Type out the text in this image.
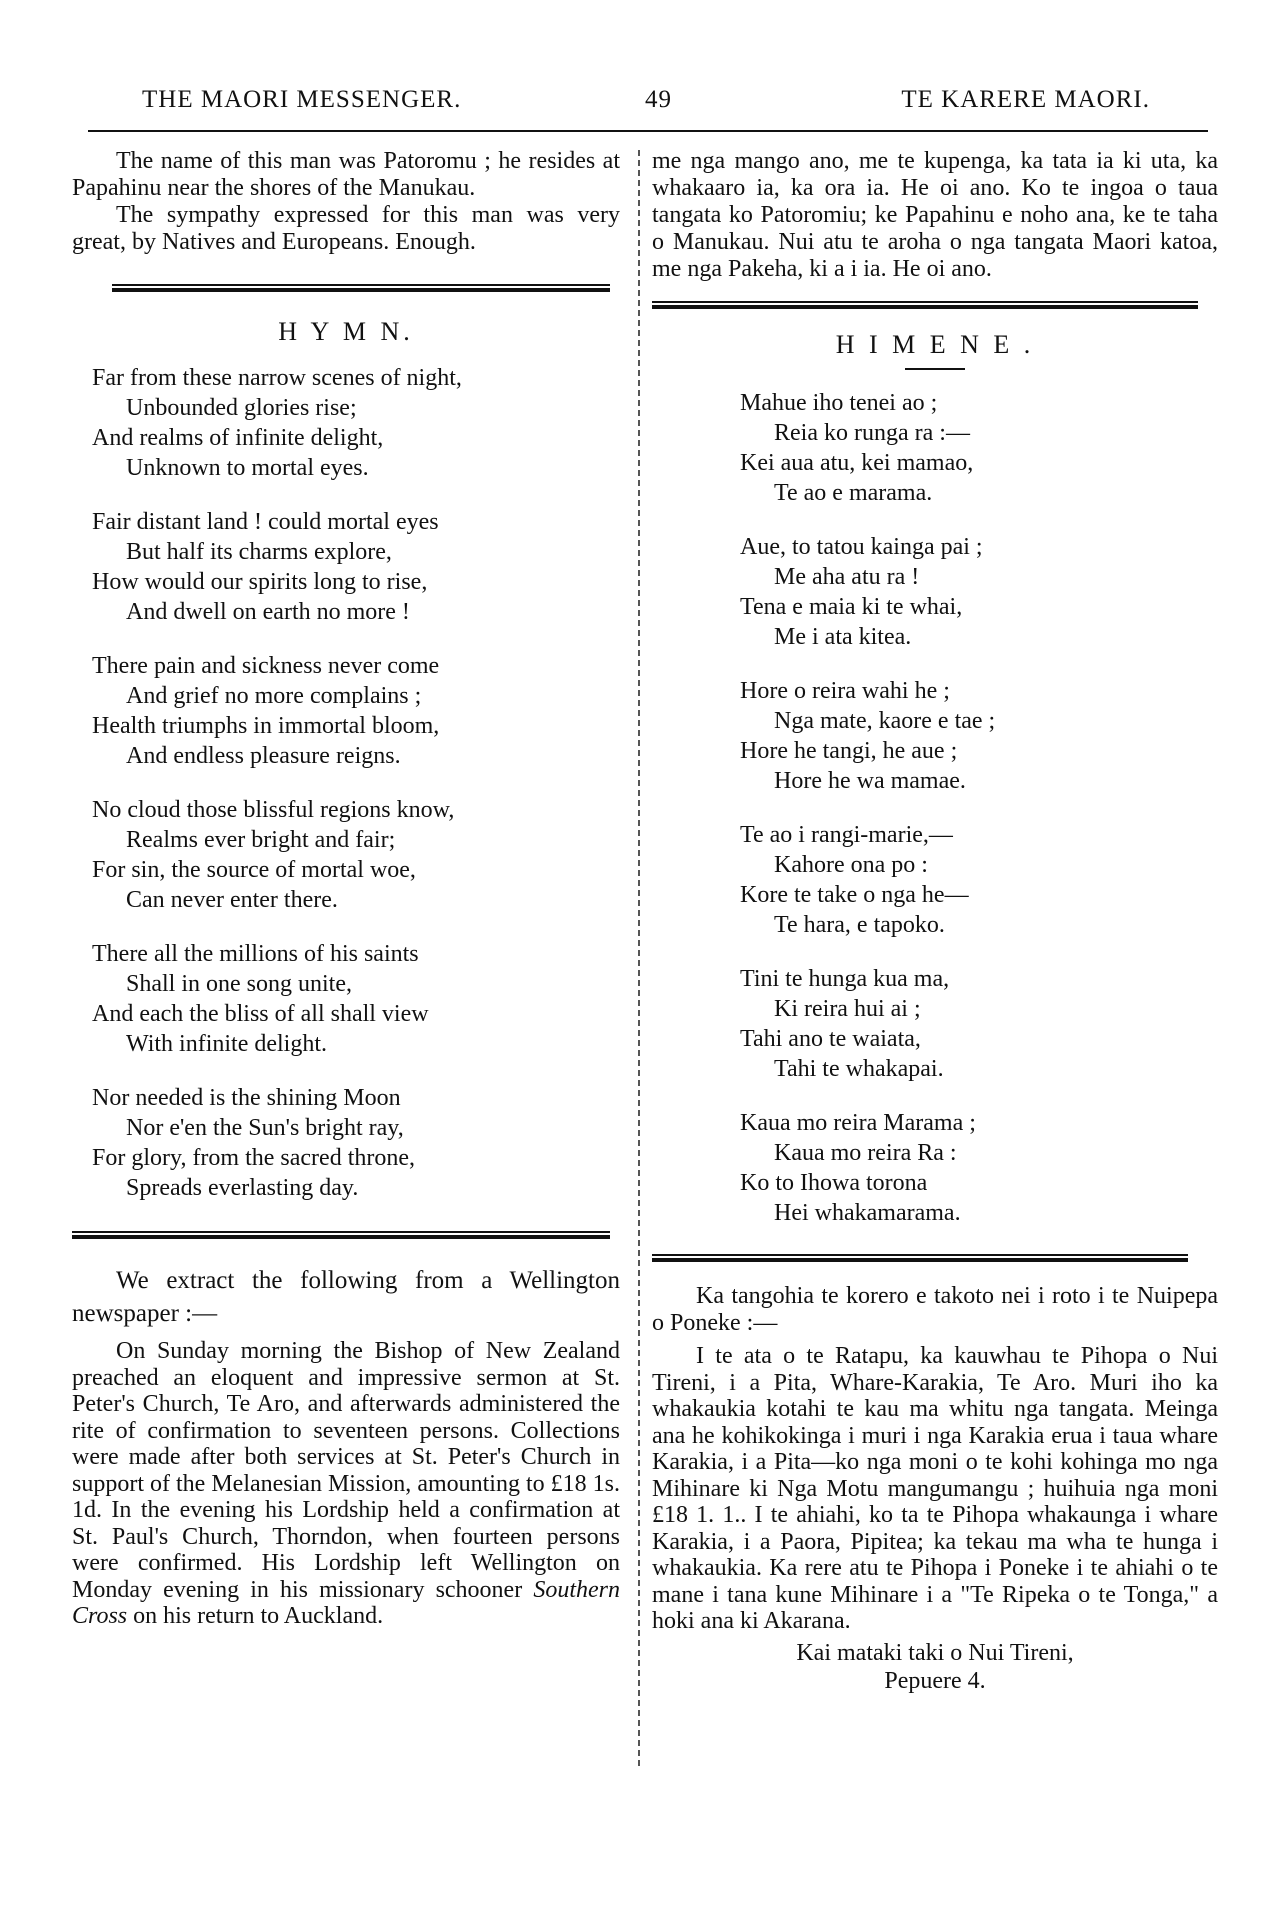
THE MAORI MESSENGER.	49	TE KARERE MAORI.

The name of this man was Patoromu ; he resides at Papahinu near the shores of the Manukau.

The sympathy expressed for this man was very great, by Natives and Europeans. Enough.

H Y M N.
Far from these narrow scenes of night,
Unbounded glories rise;
And realms of infinite delight,
Unknown to mortal eyes.
Fair distant land ! could mortal eyes
But half its charms explore,
How would our spirits long to rise,
And dwell on earth no more !
There pain and sickness never come
And grief no more complains ;
Health triumphs in immortal bloom,
And endless pleasure reigns.
No cloud those blissful regions know,
Realms ever bright and fair;
For sin, the source of mortal woe,
Can never enter there.
There all the millions of his saints
Shall in one song unite,
And each the bliss of all shall view
With infinite delight.
Nor needed is the shining Moon
Nor e'en the Sun's bright ray,
For glory, from the sacred throne,
Spreads everlasting day.

We extract the following from a Wellington newspaper :—

On Sunday morning the Bishop of New Zealand preached an eloquent and impressive sermon at St. Peter's Church, Te Aro, and afterwards administered the rite of confirmation to seventeen persons. Collections were made after both services at St. Peter's Church in support of the Melanesian Mission, amounting to £18 1s. 1d. In the evening his Lordship held a confirmation at St. Paul's Church, Thorndon, when fourteen persons were confirmed. His Lordship left Wellington on Monday evening in his missionary schooner Southern Cross on his return to Auckland.

me nga mango ano, me te kupenga, ka tata ia ki uta, ka whakaaro ia, ka ora ia. He oi ano. Ko te ingoa o taua tangata ko Patoromiu; ke Papahinu e noho ana, ke te taha o Manukau. Nui atu te aroha o nga tangata Maori katoa, me nga Pakeha, ki a i ia. He oi ano.

H I M E N E .
Mahue iho tenei ao ;
Reia ko runga ra :—
Kei aua atu, kei mamao,
Te ao e marama.
Aue, to tatou kainga pai ;
Me aha atu ra !
Tena e maia ki te whai,
Me i ata kitea.
Hore o reira wahi he ;
Nga mate, kaore e tae ;
Hore he tangi, he aue ;
Hore he wa mamae.
Te ao i rangi-marie,—
Kahore ona po :
Kore te take o nga he—
Te hara, e tapoko.
Tini te hunga kua ma,
Ki reira hui ai ;
Tahi ano te waiata,
Tahi te whakapai.
Kaua mo reira Marama ;
Kaua mo reira Ra :
Ko to Ihowa torona
Hei whakamarama.

Ka tangohia te korero e takoto nei i roto i te Nuipepa o Poneke :—

I te ata o te Ratapu, ka kauwhau te Pihopa o Nui Tireni, i a Pita, Whare-Karakia, Te Aro. Muri iho ka whakaukia kotahi te kau ma whitu nga tangata. Meinga ana he kohikokinga i muri i nga Karakia erua i taua whare Karakia, i a Pita—ko nga moni o te kohi kohinga mo nga Mihinare ki Nga Motu mangumangu ; huihuia nga moni £18 1. 1.. I te ahiahi, ko ta te Pihopa whakaunga i whare Karakia, i a Paora, Pipitea; ka tekau ma wha te hunga i whakaukia. Ka rere atu te Pihopa i Poneke i te ahiahi o te mane i tana kune Mihinare i a "Te Ripeka o te Tonga," a hoki ana ki Akarana.

Kai mataki taki o Nui Tireni,
Pepuere 4.
